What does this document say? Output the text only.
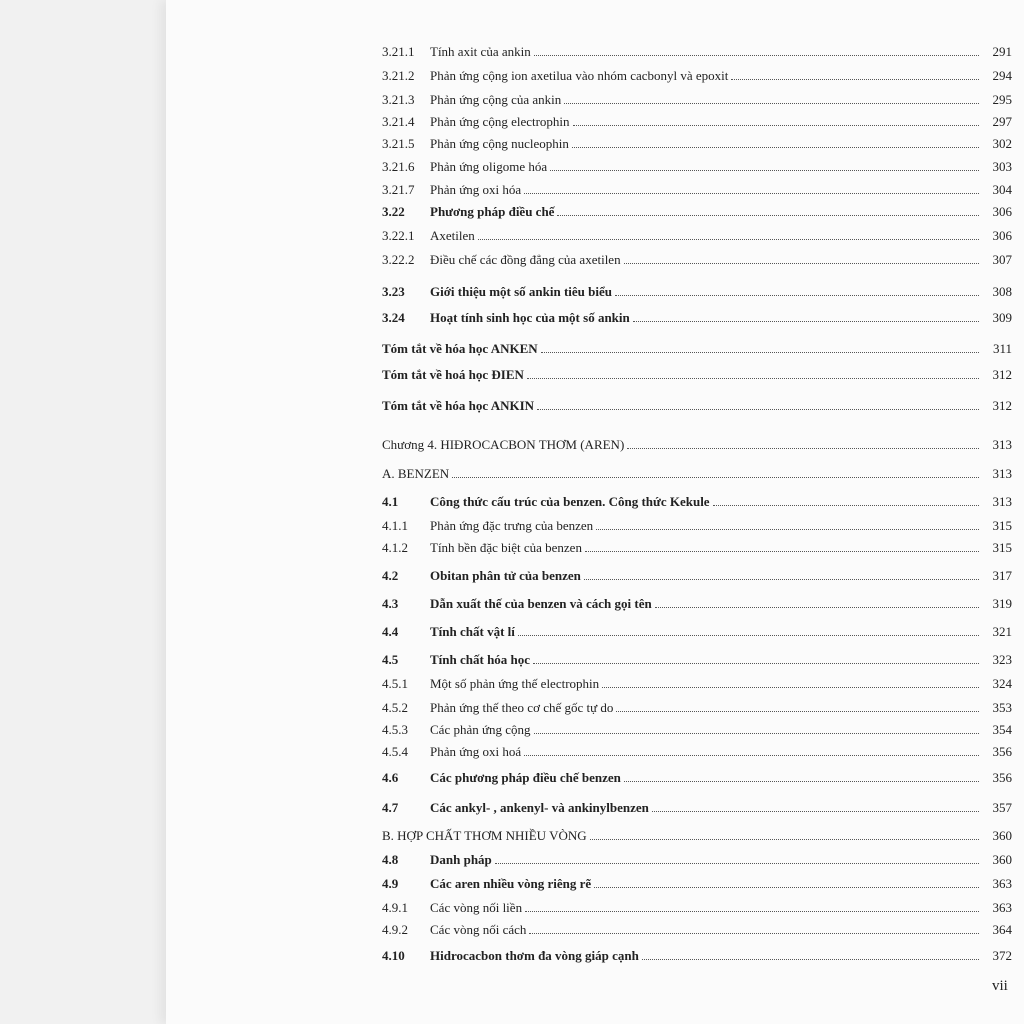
3.21.1	Tính axit của ankin	291
3.21.2	Phản ứng cộng ion axetilua vào nhóm cacbonyl và epoxit	294
3.21.3	Phản ứng cộng của ankin	295
3.21.4	Phản ứng cộng electrophin	297
3.21.5	Phản ứng cộng nucleophin	302
3.21.6	Phản ứng oligome hóa	303
3.21.7	Phản ứng oxi hóa	304
3.22	Phương pháp điều chế	306
3.22.1	Axetilen	306
3.22.2	Điều chế các đồng đẳng của axetilen	307
3.23	Giới thiệu một số ankin tiêu biểu	308
3.24	Hoạt tính sinh học của một số ankin	309
Tóm tắt về hóa học ANKEN	311
Tóm tắt về hoá học ĐIEN	312
Tóm tắt về hóa học ANKIN	312
Chương 4. HIĐROCACBON THƠM (AREN)	313
A. BENZEN	313
4.1	Công thức cấu trúc của benzen. Công thức Kekule	313
4.1.1	Phản ứng đặc trưng của benzen	315
4.1.2	Tính bền đặc biệt của benzen	315
4.2	Obitan phân tử của benzen	317
4.3	Dẫn xuất thế của benzen và cách gọi tên	319
4.4	Tính chất vật lí	321
4.5	Tính chất hóa học	323
4.5.1	Một số phản ứng thế electrophin	324
4.5.2	Phản ứng thế theo cơ chế gốc tự do	353
4.5.3	Các phản ứng cộng	354
4.5.4	Phản ứng oxi hoá	356
4.6	Các phương pháp điều chế benzen	356
4.7	Các ankyl- , ankenyl- và ankinylbenzen	357
B. HỢP CHẤT THƠM NHIỀU VÒNG	360
4.8	Danh pháp	360
4.9	Các aren nhiều vòng riêng rẽ	363
4.9.1	Các vòng nối liền	363
4.9.2	Các vòng nối cách	364
4.10	Hidrocacbon thơm đa vòng giáp cạnh	372
vii
